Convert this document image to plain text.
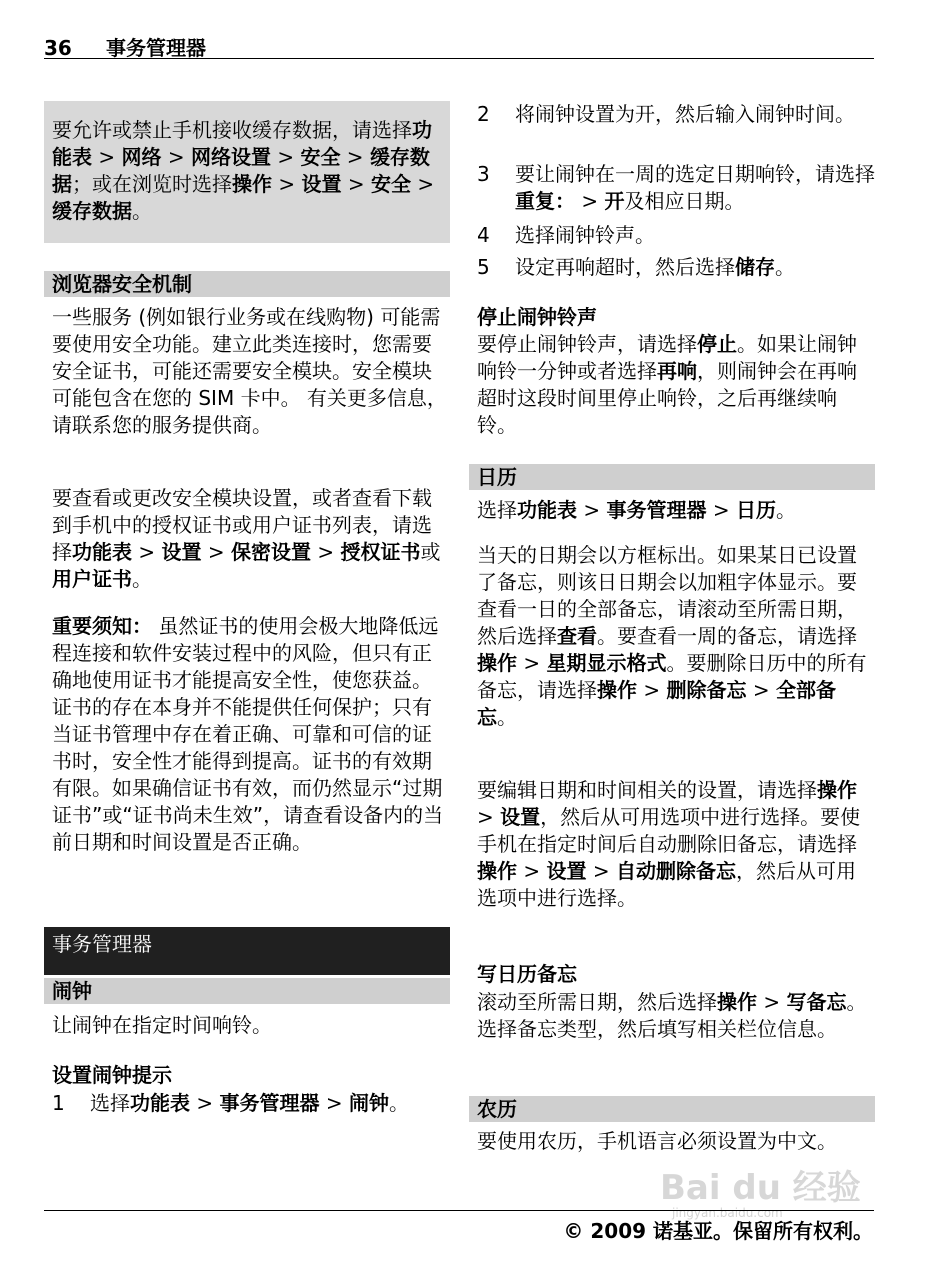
36 事务管理器

要允许或禁止手机接收缓存数据，请选择功能表 > 网络 > 网络设置 > 安全 > 缓存数据；或在浏览时选择操作 > 设置 > 安全 > 缓存数据。

浏览器安全机制

一些服务 (例如银行业务或在线购物) 可能需要使用安全功能。建立此类连接时，您需要安全证书，可能还需要安全模块。安全模块可能包含在您的 SIM 卡中。 有关更多信息，请联系您的服务提供商。

要查看或更改安全模块设置，或者查看下载到手机中的授权证书或用户证书列表，请选择功能表 > 设置 > 保密设置 > 授权证书或用户证书。

重要须知： 虽然证书的使用会极大地降低远程连接和软件安装过程中的风险，但只有正确地使用证书才能提高安全性，使您获益。证书的存在本身并不能提供任何保护；只有当证书管理中存在着正确、可靠和可信的证书时，安全性才能得到提高。证书的有效期有限。如果确信证书有效，而仍然显示“过期证书”或“证书尚未生效”，请查看设备内的当前日期和时间设置是否正确。

事务管理器
闹钟

让闹钟在指定时间响铃。

设置闹钟提示
1 选择功能表 > 事务管理器 > 闹钟。
2 将闹钟设置为开，然后输入闹钟时间。
3 要让闹钟在一周的选定日期响铃，请选择重复： > 开及相应日期。
4 选择闹钟铃声。
5 设定再响超时，然后选择储存。
停止闹钟铃声

要停止闹钟铃声，请选择停止。如果让闹钟响铃一分钟或者选择再响，则闹钟会在再响超时这段时间里停止响铃，之后再继续响铃。

日历

选择功能表 > 事务管理器 > 日历。

当天的日期会以方框标出。如果某日已设置了备忘，则该日日期会以加粗字体显示。要查看一日的全部备忘，请滚动至所需日期，然后选择查看。要查看一周的备忘，请选择操作 > 星期显示格式。要删除日历中的所有备忘，请选择操作 > 删除备忘 > 全部备忘。

要编辑日期和时间相关的设置，请选择操作 > 设置，然后从可用选项中进行选择。要使手机在指定时间后自动删除旧备忘，请选择操作 > 设置 > 自动删除备忘，然后从可用选项中进行选择。

写日历备忘

滚动至所需日期，然后选择操作 > 写备忘。选择备忘类型，然后填写相关栏位信息。

农历

要使用农历，手机语言必须设置为中文。

Bai du 经验
jingyan.baidu.com
© 2009 诺基亚。保留所有权利。
